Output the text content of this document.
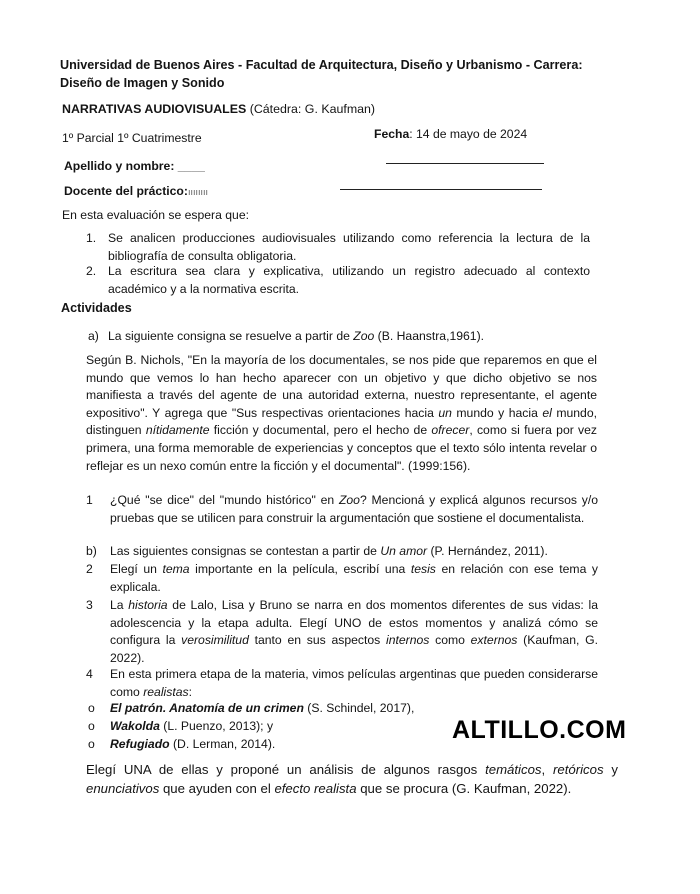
Universidad de Buenos Aires - Facultad de Arquitectura, Diseño y Urbanismo - Carrera:
Diseño de Imagen y Sonido
NARRATIVAS AUDIOVISUALES (Cátedra: G. Kaufman)
1º Parcial 1º Cuatrimestre	Fecha: 14 de mayo de 2024
Apellido y nombre: ____
Docente del práctico:ıııııııı
En esta evaluación se espera que:
1. Se analicen producciones audiovisuales utilizando como referencia la lectura de la bibliografía de consulta obligatoria.
2. La escritura sea clara y explicativa, utilizando un registro adecuado al contexto académico y a la normativa escrita.
Actividades
a) La siguiente consigna se resuelve a partir de Zoo (B. Haanstra,1961).
Según B. Nichols, "En la mayoría de los documentales, se nos pide que reparemos en que el mundo que vemos lo han hecho aparecer con un objetivo y que dicho objetivo se nos manifiesta a través del agente de una autoridad externa, nuestro representante, el agente expositivo". Y agrega que "Sus respectivas orientaciones hacia un mundo y hacia el mundo, distinguen nítidamente ficción y documental, pero el hecho de ofrecer, como si fuera por vez primera, una forma memorable de experiencias y conceptos que el texto sólo intenta revelar o reflejar es un nexo común entre la ficción y el documental". (1999:156).
1	¿Qué "se dice" del "mundo histórico" en Zoo? Mencioná y explicá algunos recursos y/o pruebas que se utilicen para construir la argumentación que sostiene el documentalista.
b)	Las siguientes consignas se contestan a partir de Un amor (P. Hernández, 2011).
2	Elegí un tema importante en la película, escribí una tesis en relación con ese tema y explicala.
3	La historia de Lalo, Lisa y Bruno se narra en dos momentos diferentes de sus vidas: la adolescencia y la etapa adulta. Elegí UNO de estos momentos y analizá cómo se configura la verosimilitud tanto en sus aspectos internos como externos (Kaufman, G. 2022).
4	En esta primera etapa de la materia, vimos películas argentinas que pueden considerarse como realistas:
o	El patrón. Anatomía de un crimen (S. Schindel, 2017),
o	Wakolda (L. Puenzo, 2013); y
o	Refugiado (D. Lerman, 2014).	ALTILLO.COM
Elegí UNA de ellas y proponé un análisis de algunos rasgos temáticos, retóricos y enunciativos que ayuden con el efecto realista que se procura (G. Kaufman, 2022).
